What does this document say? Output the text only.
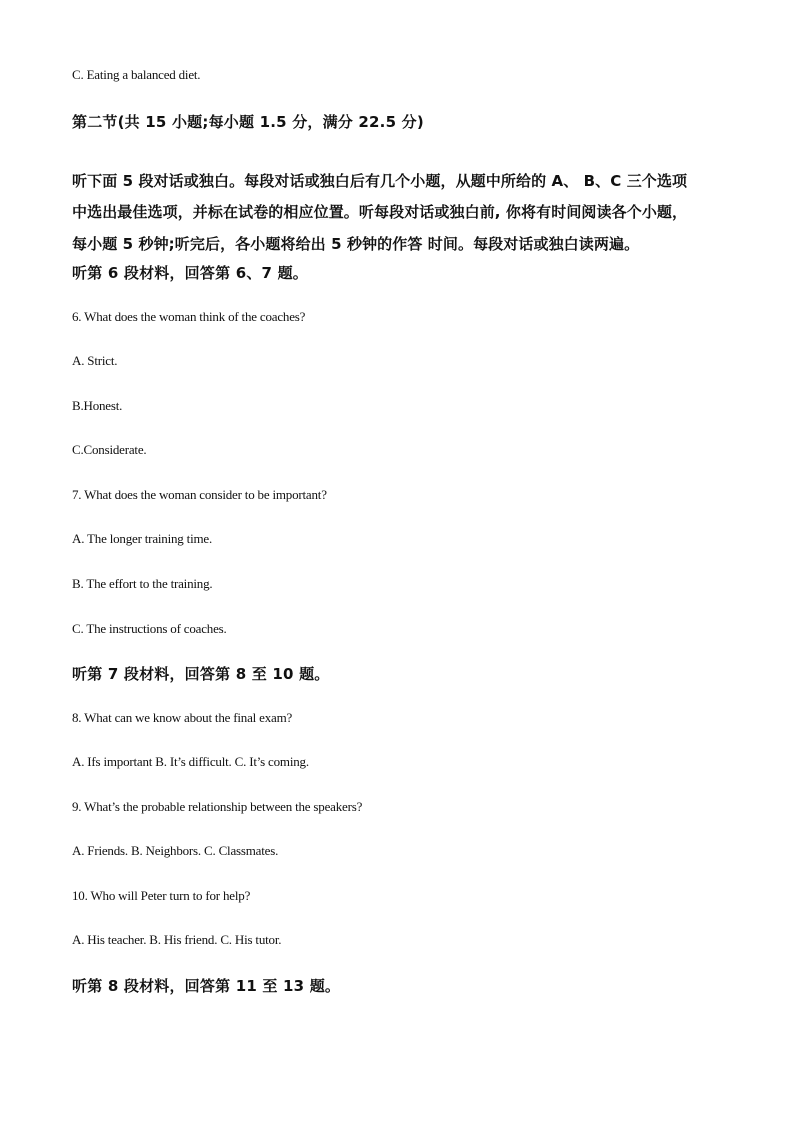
C. Eating a balanced diet.

第二节(共 15 小题;每小题 1.5 分，满分 22.5 分)

听下面 5 段对话或独白。每段对话或独白后有几个小题，从题中所给的 A、 B、C 三个选项

中选出最佳选项，并标在试卷的相应位置。听每段对话或独白前, 你将有时间阅读各个小题，

每小题 5 秒钟;听完后，各小题将给出 5 秒钟的作答 时间。每段对话或独白读两遍。

听第 6 段材料，回答第 6、7 题。

6. What does the woman think of the coaches?

A. Strict.

B.Honest.

C.Considerate.

7. What does the woman consider to be important?

A. The longer training time.

B. The effort to the training.

C. The instructions of coaches.

听第 7 段材料，回答第 8 至 10 题。

8. What can we know about the final exam?

A. Ifs important B. It’s difficult. C. It’s coming.

9. What’s the probable relationship between the speakers?

A. Friends. B. Neighbors. C. Classmates.

10. Who will Peter turn to for help?

A. His teacher. B. His friend. C. His tutor.

听第 8 段材料，回答第 11 至 13 题。
